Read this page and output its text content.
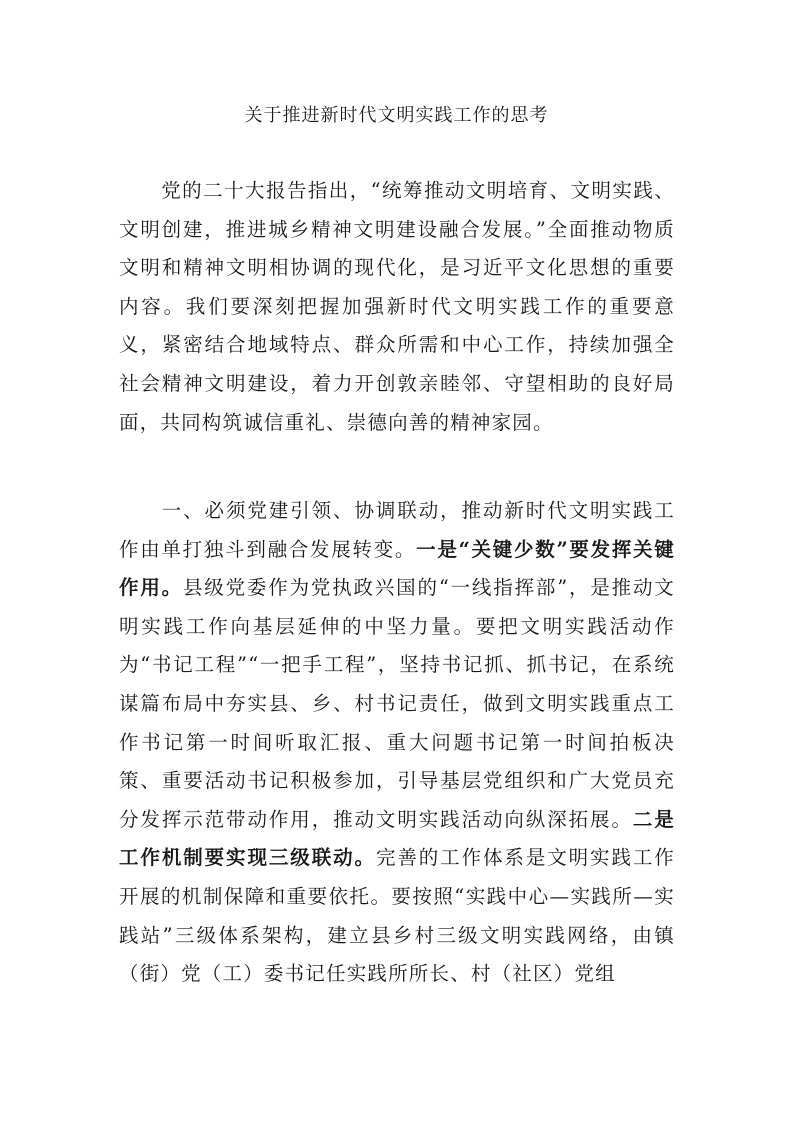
关于推进新时代文明实践工作的思考

党的二十大报告指出，“统筹推动文明培育、文明实践、文明创建，推进城乡精神文明建设融合发展。”全面推动物质文明和精神文明相协调的现代化，是习近平文化思想的重要内容。我们要深刻把握加强新时代文明实践工作的重要意义，紧密结合地域特点、群众所需和中心工作，持续加强全社会精神文明建设，着力开创敦亲睦邻、守望相助的良好局面，共同构筑诚信重礼、崇德向善的精神家园。

一、必须党建引领、协调联动，推动新时代文明实践工作由单打独斗到融合发展转变。一是“关键少数”要发挥关键作用。县级党委作为党执政兴国的“一线指挥部”，是推动文明实践工作向基层延伸的中坚力量。要把文明实践活动作为“书记工程”“一把手工程”，坚持书记抓、抓书记，在系统谋篇布局中夯实县、乡、村书记责任，做到文明实践重点工作书记第一时间听取汇报、重大问题书记第一时间拍板决策、重要活动书记积极参加，引导基层党组织和广大党员充分发挥示范带动作用，推动文明实践活动向纵深拓展。二是工作机制要实现三级联动。完善的工作体系是文明实践工作开展的机制保障和重要依托。要按照“实践中心—实践所—实践站”三级体系架构，建立县乡村三级文明实践网络，由镇（街）党（工）委书记任实践所所长、村（社区）党组
